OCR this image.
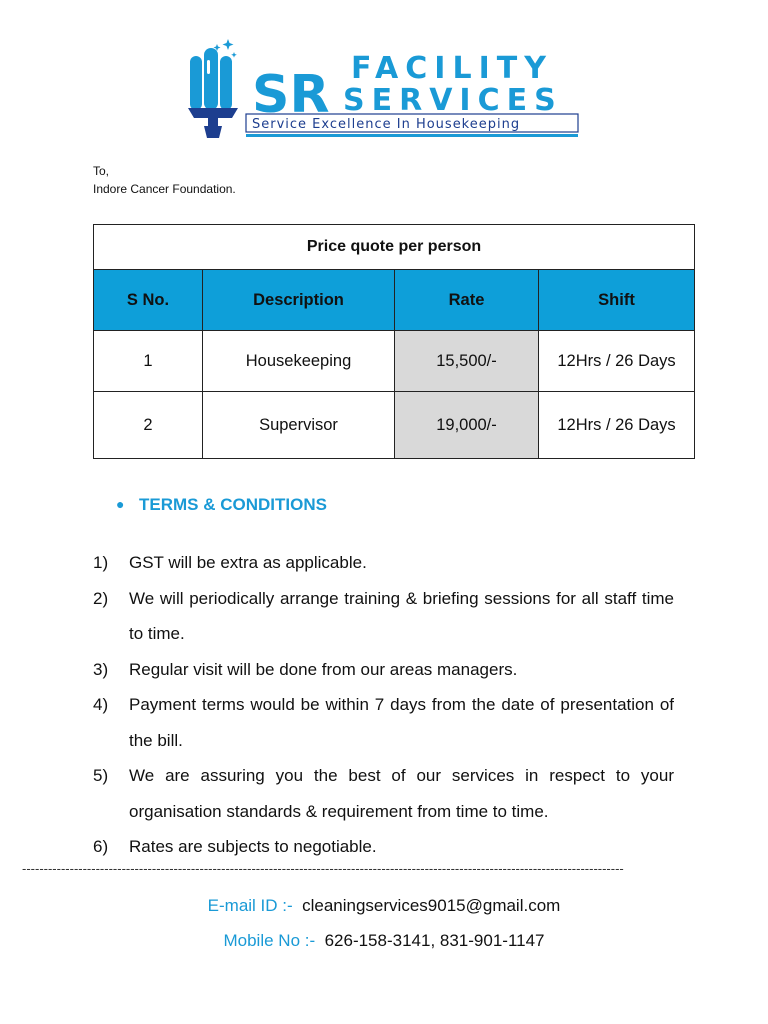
SR FACILITY
SERVICES
Service Excellence In Housekeeping
To,
Indore Cancer Foundation.
Price quote per person			
S No.	Description	Rate	Shift
1	Housekeeping	15,500/-	12Hrs / 26 Days
2	Supervisor	19,000/-	12Hrs / 26 Days
● TERMS & CONDITIONS
1) GST will be extra as applicable.
2) We will periodically arrange training & briefing sessions for all staff time to time.
3) Regular visit will be done from our areas managers.
4) Payment terms would be within 7 days from the date of presentation of the bill.
5) We are assuring you the best of our services in respect to your organisation standards & requirement from time to time.
6) Rates are subjects to negotiable.
-------------------------------------------------------------------------------------------------------------------------------------------
E-mail ID :- cleaningservices9015@gmail.com
Mobile No :- 626-158-3141, 831-901-1147
